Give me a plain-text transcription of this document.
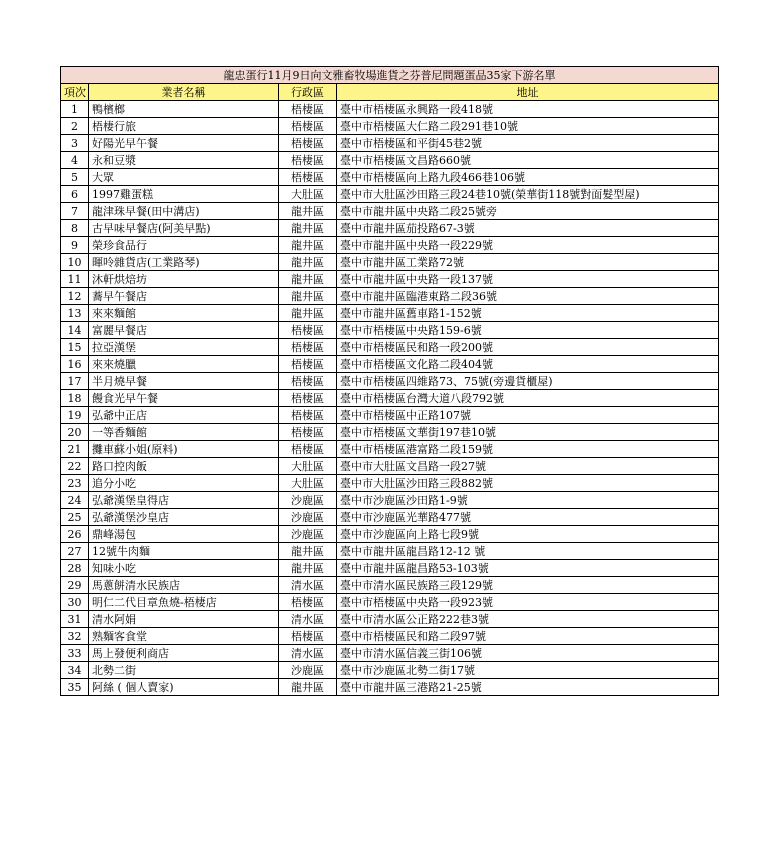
龍忠蛋行11月9日向文雅畜牧場進貨之芬普尼問題蛋品35家下游名單			
項次	業者名稱	行政區	地址
1	鴨檳榔	梧棲區	臺中市梧棲區永興路一段418號
2	梧棲行旅	梧棲區	臺中市梧棲區大仁路二段291巷10號
3	好陽光早午餐	梧棲區	臺中市梧棲區和平街45巷2號
4	永和豆漿	梧棲區	臺中市梧棲區文昌路660號
5	大眾	梧棲區	臺中市梧棲區向上路九段466巷106號
6	1997雞蛋糕	大肚區	臺中市大肚區沙田路三段24巷10號(榮華街118號對面髮型屋)
7	龍津珠早餐(田中溝店)	龍井區	臺中市龍井區中央路二段25號旁
8	古早味早餐店(阿美早點)	龍井區	臺中市龍井區茄投路67-3號
9	榮珍食品行	龍井區	臺中市龍井區中央路一段229號
10	暉呤雜貨店(工業路琴)	龍井區	臺中市龍井區工業路72號
11	沐軒烘焙坊	龍井區	臺中市龍井區中央路一段137號
12	蕎早午餐店	龍井區	臺中市龍井區臨港東路二段36號
13	來來麵館	龍井區	臺中市龍井區舊車路1-152號
14	富麗早餐店	梧棲區	臺中市梧棲區中央路159-6號
15	拉亞漢堡	梧棲區	臺中市梧棲區民和路一段200號
16	來來燒臘	梧棲區	臺中市梧棲區文化路二段404號
17	半月燒早餐	梧棲區	臺中市梧棲區四維路73、75號(旁邊貨櫃屋)
18	饅食光早午餐	梧棲區	臺中市梧棲區台灣大道八段792號
19	弘爺中正店	梧棲區	臺中市梧棲區中正路107號
20	一等香麵館	梧棲區	臺中市梧棲區文華街197巷10號
21	攤車蘇小姐(原料)	梧棲區	臺中市梧棲區港富路二段159號
22	路口控肉飯	大肚區	臺中市大肚區文昌路一段27號
23	追分小吃	大肚區	臺中市大肚區沙田路三段882號
24	弘爺漢堡皇得店	沙鹿區	臺中市沙鹿區沙田路1-9號
25	弘爺漢堡沙皇店	沙鹿區	臺中市沙鹿區光華路477號
26	鼎峰湯包	沙鹿區	臺中市沙鹿區向上路七段9號
27	12號牛肉麵	龍井區	臺中市龍井區龍昌路12-12 號
28	知味小吃	龍井區	臺中市龍井區龍昌路53-103號
29	馬蔥餅清水民族店	清水區	臺中市清水區民族路三段129號
30	明仁二代目章魚燒-梧棲店	梧棲區	臺中市梧棲區中央路一段923號
31	清水阿娟	清水區	臺中市清水區公正路222巷3號
32	熟麵客食堂	梧棲區	臺中市梧棲區民和路二段97號
33	馬上發便利商店	清水區	臺中市清水區信義三街106號
34	北勢二街	沙鹿區	臺中市沙鹿區北勢二街17號
35	阿絲 ( 個人賣家)	龍井區	臺中市龍井區三港路21-25號
